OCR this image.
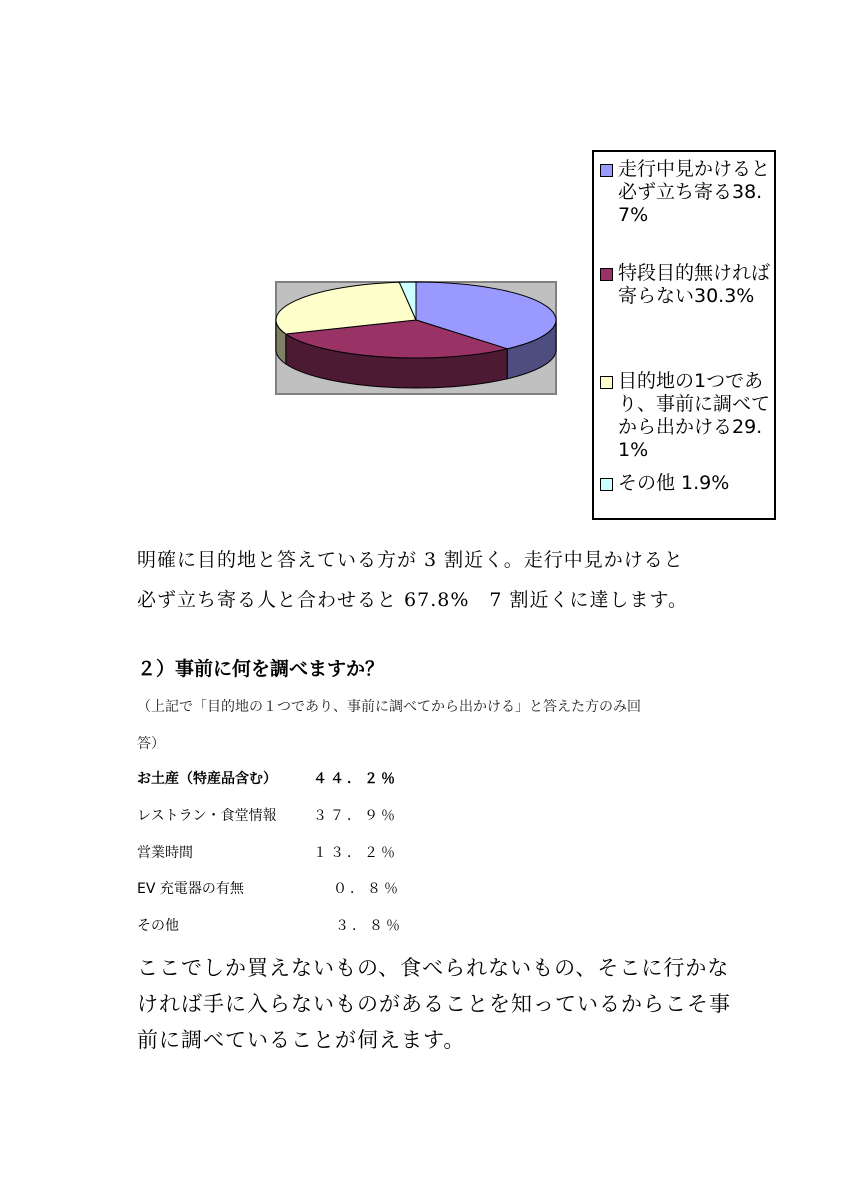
走行中見かけると必ず立ち寄る38.7%
特段目的無ければ寄らない30.3%
目的地の1つであり、事前に調べてから出かける29.1%
その他 1.9%
明確に目的地と答えている方が 3 割近く。走行中見かけると
必ず立ち寄る人と合わせると 67.8%　7 割近くに達します。
２）事前に何を調べますか？
（上記で「目的地の１つであり、事前に調べてから出かける」と答えた方のみ回
答）
お土産（特産品含む）	４４．２％
レストラン・食堂情報	３７．９％
営業時間	１３．２％
EV 充電器の有無	０．８％
その他	３．８％
ここでしか買えないもの、食べられないもの、そこに行かな
ければ手に入らないものがあることを知っているからこそ事
前に調べていることが伺えます。
